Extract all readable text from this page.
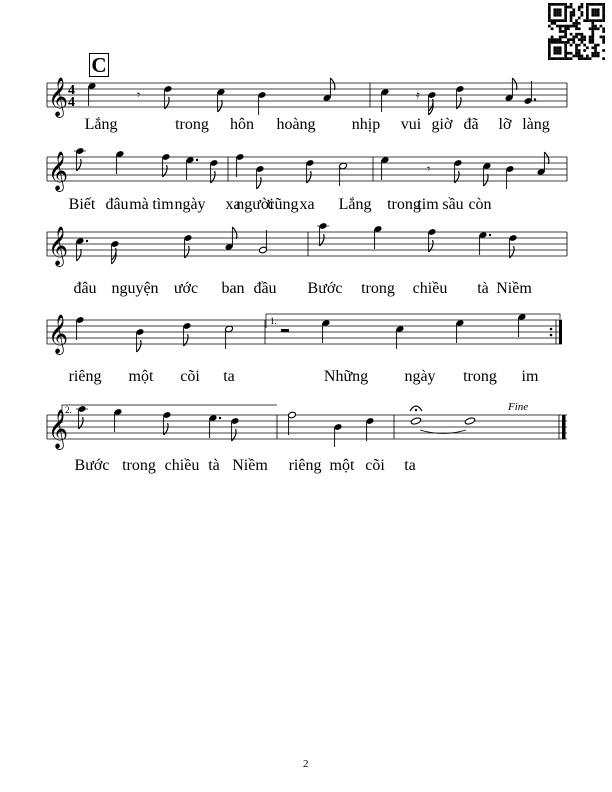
𝄞 4
4	𝄾	𝄿
𝄞	𝄾
𝄞
𝄞
𝄞
C
Fine
1.
2.
Lắng	trong hôn hoàng nhịp vui giờ đã lỡ làng
Biết đâu mà tìm ngày xa
người
cũng xa Lắng trong
tim sầu còn
đâu nguyện ước ban đầu Bước trong chiều tà Niềm
riêng một cõi ta	Những ngày trong im
Bước trong chiều tà Niềm riêng một cõi ta
2
